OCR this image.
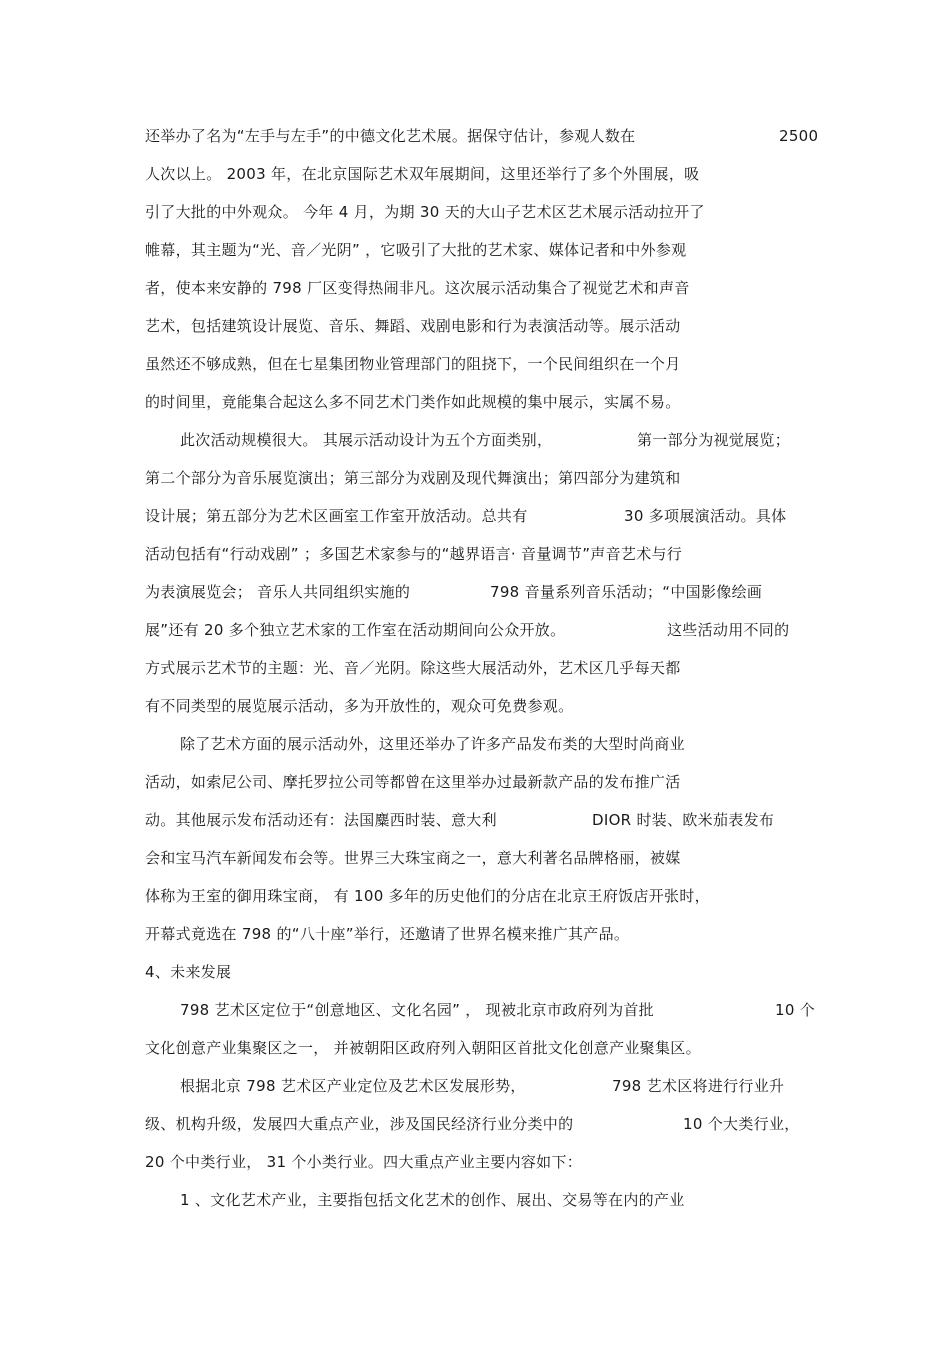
还举办了名为“左手与左手”的中德文化艺术展。据保守估计，参观人数在	2500
人次以上。 2003 年，在北京国际艺术双年展期间，这里还举行了多个外围展，吸
引了大批的中外观众。 今年 4 月，为期 30 天的大山子艺术区艺术展示活动拉开了
帷幕，其主题为“光、音／光阴” ，它吸引了大批的艺术家、媒体记者和中外参观
者，使本来安静的 798 厂区变得热闹非凡。这次展示活动集合了视觉艺术和声音
艺术，包括建筑设计展览、音乐、舞蹈、戏剧电影和行为表演活动等。展示活动
虽然还不够成熟，但在七星集团物业管理部门的阻挠下，一个民间组织在一个月
的时间里，竟能集合起这么多不同艺术门类作如此规模的集中展示，实属不易。
此次活动规模很大。 其展示活动设计为五个方面类别，	第一部分为视觉展览；
第二个部分为音乐展览演出；第三部分为戏剧及现代舞演出；第四部分为建筑和
设计展；第五部分为艺术区画室工作室开放活动。总共有	30 多项展演活动。具体
活动包括有“行动戏剧” ；多国艺术家参与的“越界语言· 音量调节”声音艺术与行
为表演展览会； 音乐人共同组织实施的	798 音量系列音乐活动；“中国影像绘画
展”还有 20 多个独立艺术家的工作室在活动期间向公众开放。	这些活动用不同的
方式展示艺术节的主题：光、音／光阴。除这些大展活动外，艺术区几乎每天都
有不同类型的展览展示活动，多为开放性的，观众可免费参观。
除了艺术方面的展示活动外，这里还举办了许多产品发布类的大型时尚商业
活动，如索尼公司、摩托罗拉公司等都曾在这里举办过最新款产品的发布推广活
动。其他展示发布活动还有：法国麋西时装、意大利	DIOR 时装、欧米茄表发布
会和宝马汽车新闻发布会等。世界三大珠宝商之一，意大利著名品牌格丽，被媒
体称为王室的御用珠宝商， 有 100 多年的历史他们的分店在北京王府饭店开张时，
开幕式竟选在 798 的“八十座”举行，还邀请了世界名模来推广其产品。
4、未来发展
798 艺术区定位于“创意地区、文化名园” ， 现被北京市政府列为首批	10 个
文化创意产业集聚区之一， 并被朝阳区政府列入朝阳区首批文化创意产业聚集区。
根据北京 798 艺术区产业定位及艺术区发展形势，	798 艺术区将进行行业升
级、机构升级，发展四大重点产业，涉及国民经济行业分类中的	10 个大类行业，
20 个中类行业， 31 个小类行业。四大重点产业主要内容如下：
1 、文化艺术产业，主要指包括文化艺术的创作、展出、交易等在内的产业
